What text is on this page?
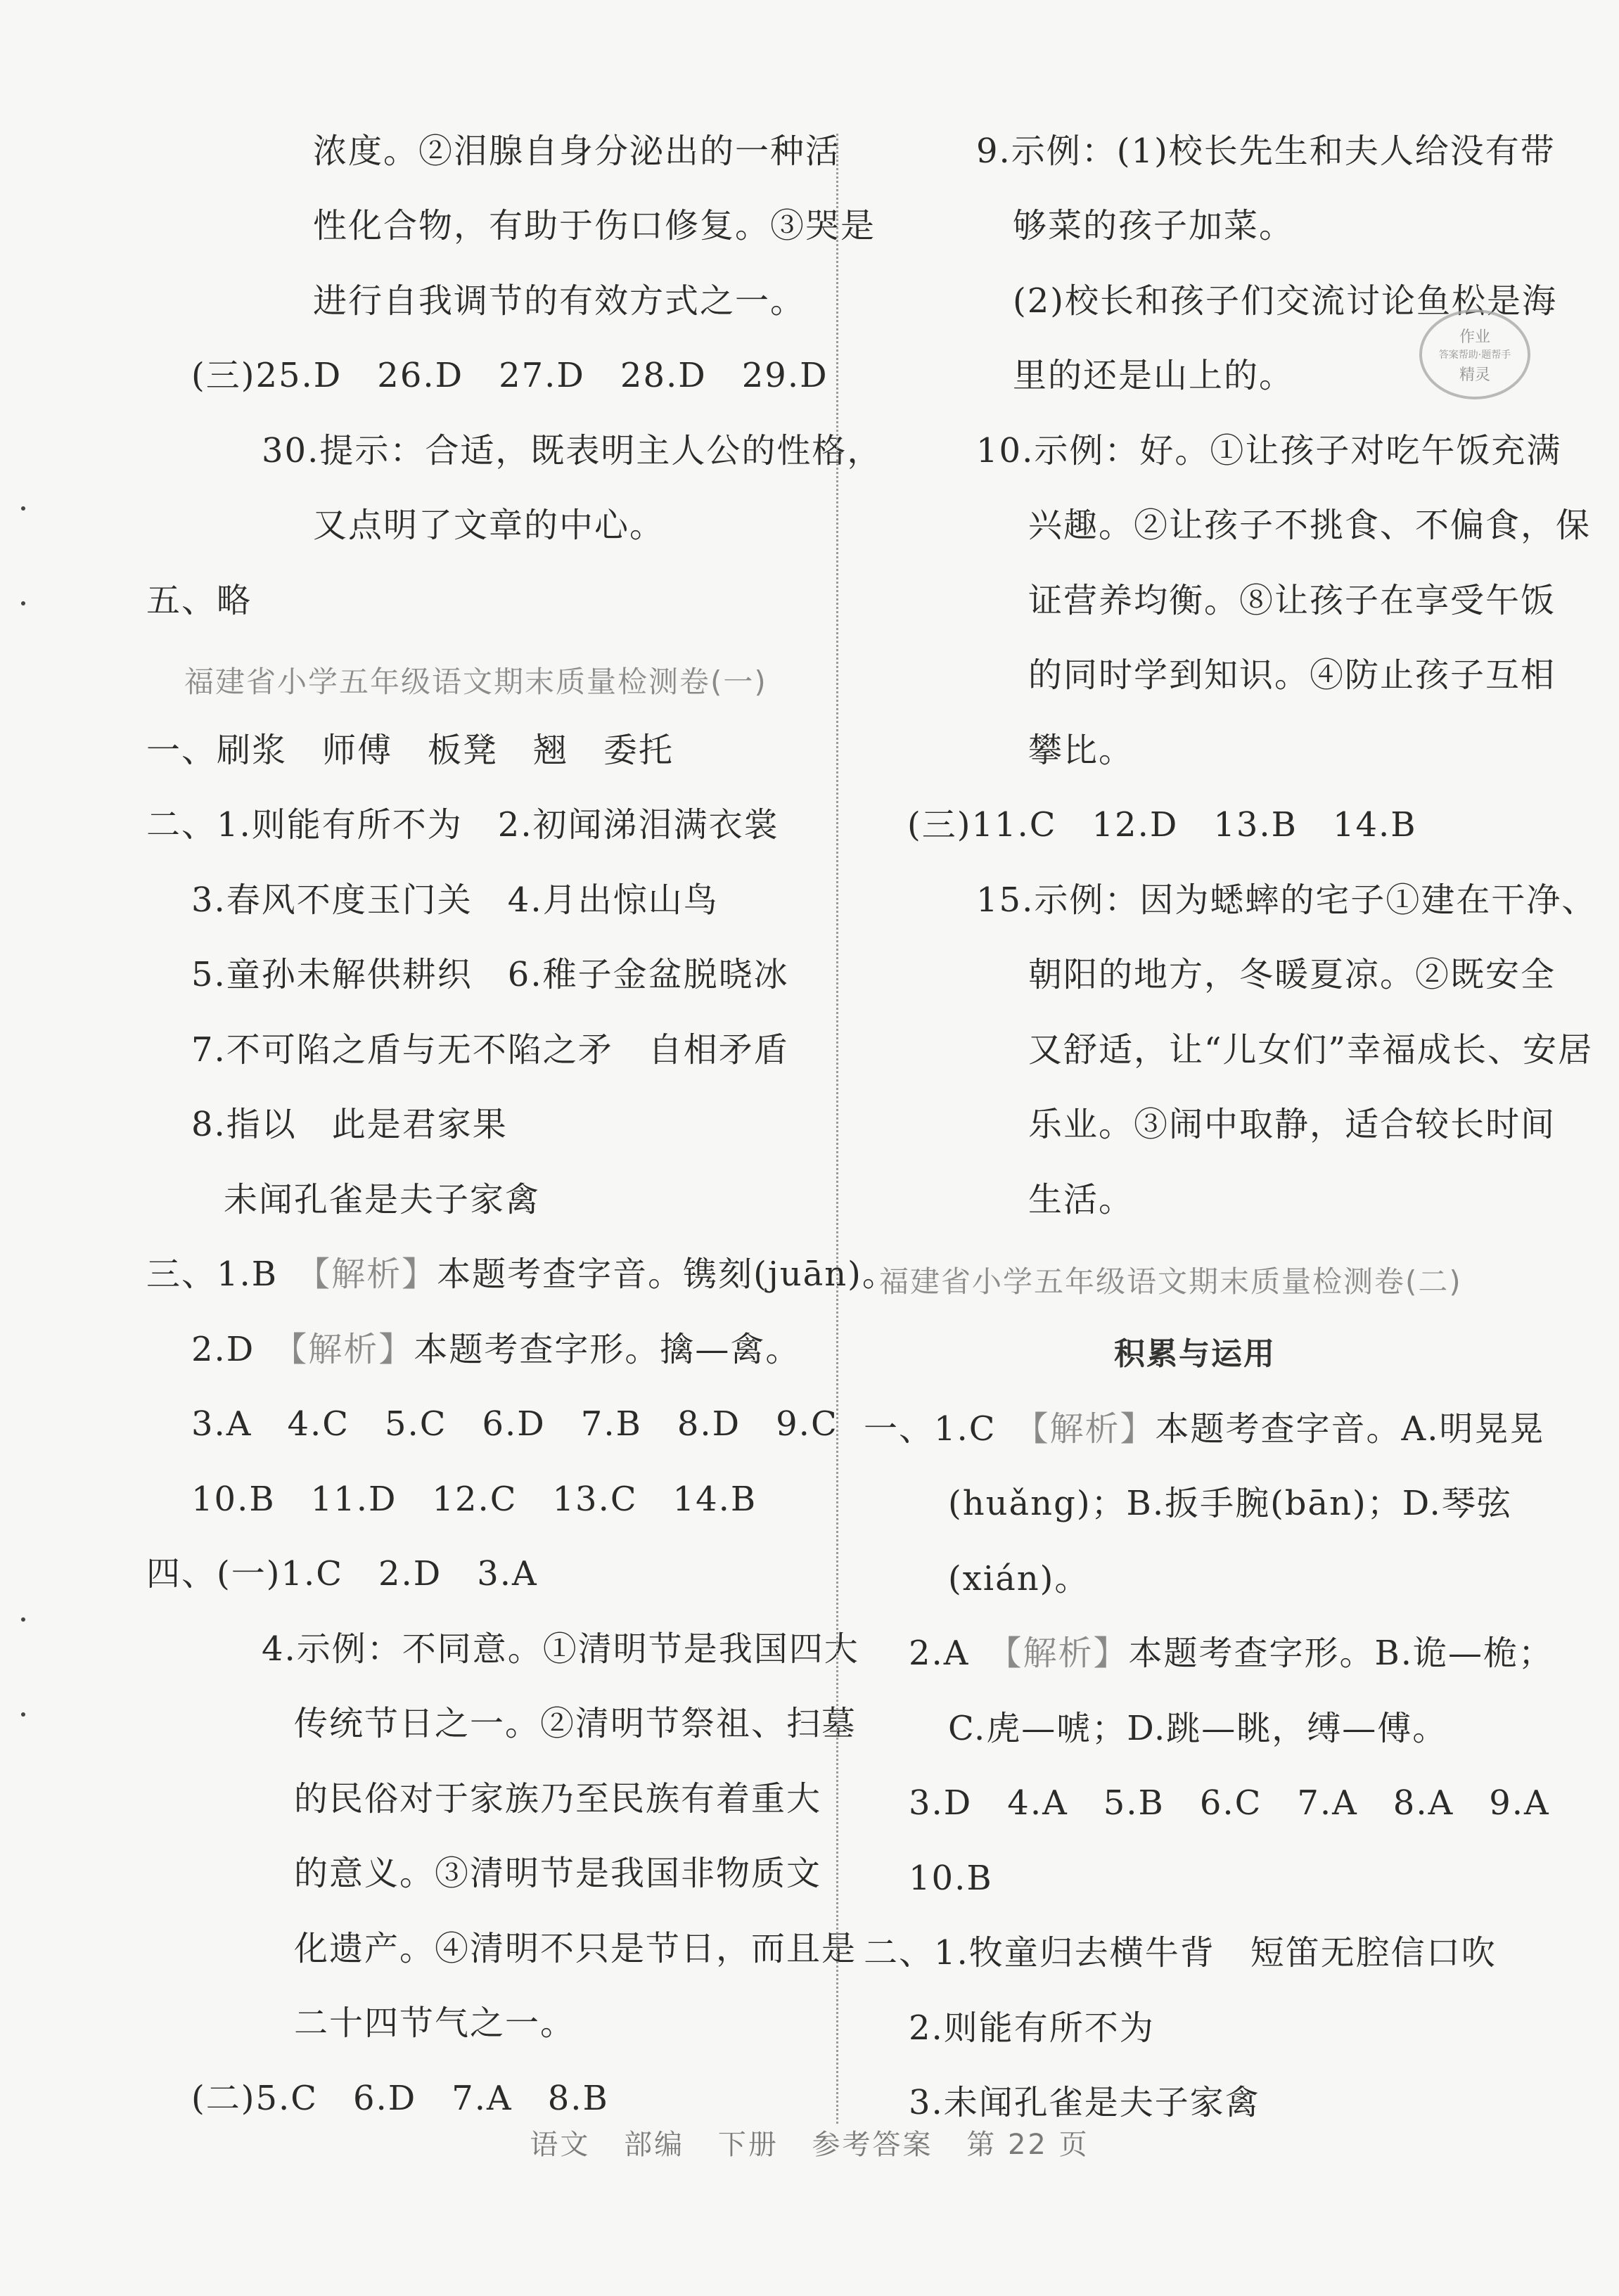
浓度。②泪腺自身分泌出的一种活
性化合物，有助于伤口修复。③哭是
进行自我调节的有效方式之一。
(三)25.D　26.D　27.D　28.D　29.D
30.提示：合适，既表明主人公的性格，
又点明了文章的中心。
五、略
福建省小学五年级语文期末质量检测卷(一)
一、刷浆　师傅　板凳　翘　委托
二、1.则能有所不为　2.初闻涕泪满衣裳
3.春风不度玉门关　4.月出惊山鸟
5.童孙未解供耕织　6.稚子金盆脱晓冰
7.不可陷之盾与无不陷之矛　自相矛盾
8.指以　此是君家果
未闻孔雀是夫子家禽
三、1.B　【解析】本题考查字音。镌刻(juān)。
2.D　【解析】本题考查字形。擒—禽。
3.A　4.C　5.C　6.D　7.B　8.D　9.C
10.B　11.D　12.C　13.C　14.B
四、(一)1.C　2.D　3.A
4.示例：不同意。①清明节是我国四大
传统节日之一。②清明节祭祖、扫墓
的民俗对于家族乃至民族有着重大
的意义。③清明节是我国非物质文
化遗产。④清明不只是节日，而且是
二十四节气之一。
(二)5.C　6.D　7.A　8.B
9.示例：(1)校长先生和夫人给没有带
够菜的孩子加菜。
(2)校长和孩子们交流讨论鱼松是海
里的还是山上的。
10.示例：好。①让孩子对吃午饭充满
兴趣。②让孩子不挑食、不偏食，保
证营养均衡。⑧让孩子在享受午饭
的同时学到知识。④防止孩子互相
攀比。
(三)11.C　12.D　13.B　14.B
15.示例：因为蟋蟀的宅子①建在干净、
朝阳的地方，冬暖夏凉。②既安全
又舒适，让“儿女们”幸福成长、安居
乐业。③闹中取静，适合较长时间
生活。
福建省小学五年级语文期末质量检测卷(二)
积累与运用
一、1.C　【解析】本题考查字音。A.明晃晃
(huǎng)；B.扳手腕(bān)；D.琴弦
(xián)。
2.A　【解析】本题考查字形。B.诡—桅；
C.虎—唬；D.跳—眺，缚—傅。
3.D　4.A　5.B　6.C　7.A　8.A　9.A
10.B
二、1.牧童归去横牛背　短笛无腔信口吹
2.则能有所不为
3.未闻孔雀是夫子家禽
作业
答案帮助·题帮手
精灵
语文 部编 下册 参考答案 第 22 页
